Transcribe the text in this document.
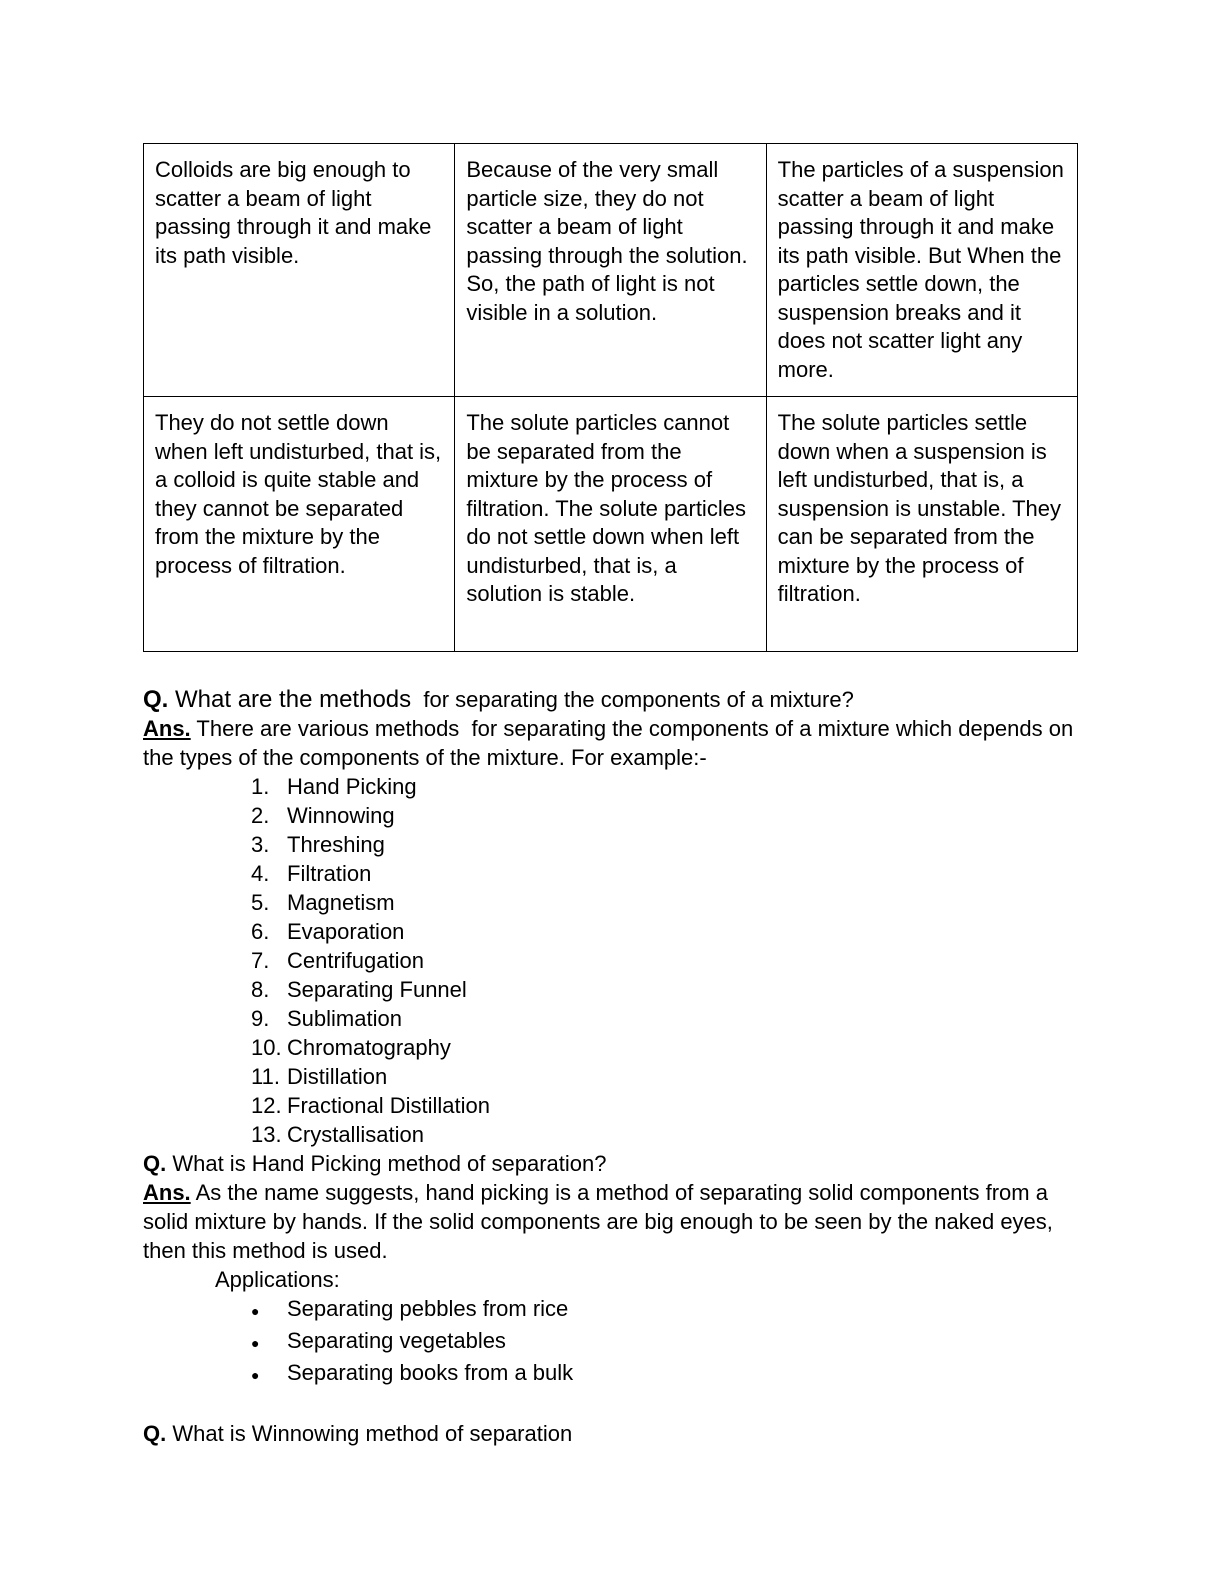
Colloids are big enough to scatter a beam of light passing through it and make its path visible.	Because of the very small particle size, they do not scatter a beam of light passing through the solution. So, the path of light is not visible in a solution.	The particles of a suspension scatter a beam of light passing through it and make its path visible. But When the particles settle down, the suspension breaks and it does not scatter light any more.
They do not settle down when left undisturbed, that is, a colloid is quite stable and they cannot be separated from the mixture by the process of filtration.	The solute particles cannot be separated from the mixture by the process of filtration. The solute particles do not settle down when left undisturbed, that is, a solution is stable.	The solute particles settle down when a suspension is left undisturbed, that is, a suspension is unstable. They can be separated from the mixture by the process of filtration.

Q. What are the methods  for separating the components of a mixture?

Ans. There are various methods  for separating the components of a mixture which depends on the types of the components of the mixture. For example:-

1. Hand Picking
2. Winnowing
3. Threshing
4. Filtration
5. Magnetism
6. Evaporation
7. Centrifugation
8. Separating Funnel
9. Sublimation
10. Chromatography
11. Distillation
12. Fractional Distillation
13. Crystallisation

Q. What is Hand Picking method of separation?

Ans. As the name suggests, hand picking is a method of separating solid components from a solid mixture by hands. If the solid components are big enough to be seen by the naked eyes, then this method is used.

Applications:

●	Separating pebbles from rice
●	Separating vegetables
●	Separating books from a bulk

Q. What is Winnowing method of separation
